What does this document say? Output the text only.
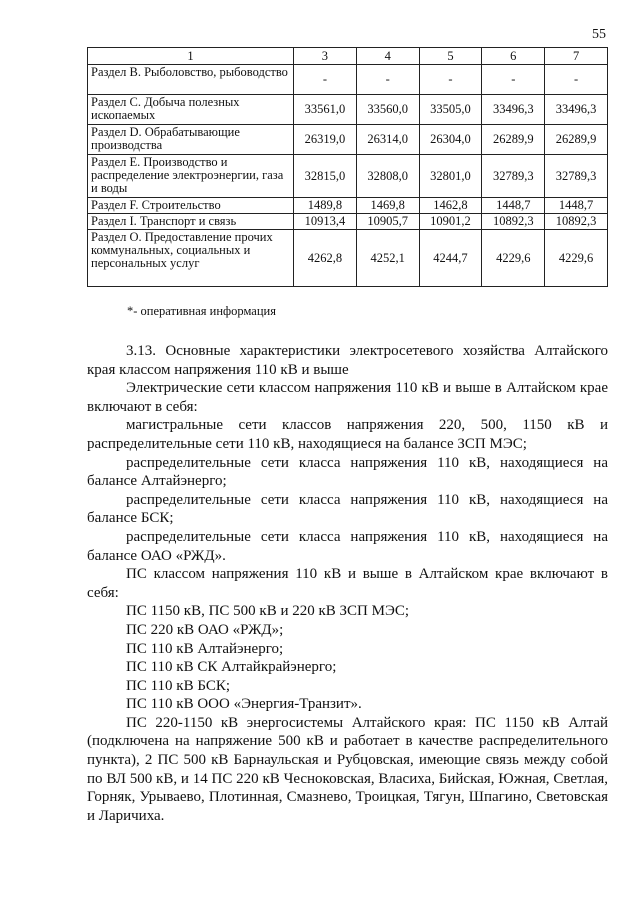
55
1	3	4	5	6	7
Раздел В. Рыболовство, рыбоводство	-	-	-	-	-
Раздел С. Добыча полезных ископаемых	33561,0	33560,0	33505,0	33496,3	33496,3
Раздел D. Обрабатывающие производства	26319,0	26314,0	26304,0	26289,9	26289,9
Раздел Е. Производство и распределение электроэнергии, газа и воды	32815,0	32808,0	32801,0	32789,3	32789,3
Раздел F. Строительство	1489,8	1469,8	1462,8	1448,7	1448,7
Раздел I. Транспорт и связь	10913,4	10905,7	10901,2	10892,3	10892,3
Раздел О. Предоставление прочих коммунальных, социальных и персональных услуг	4262,8	4252,1	4244,7	4229,6	4229,6
*- оперативная информация

3.13. Основные характеристики электросетевого хозяйства Алтайского края классом напряжения 110 кВ и выше

Электрические сети классом напряжения 110 кВ и выше в Алтайском крае включают в себя:

магистральные сети классов напряжения 220, 500, 1150 кВ и распределительные сети 110 кВ, находящиеся на балансе ЗСП МЭС;

распределительные сети класса напряжения 110 кВ, находящиеся на балансе Алтайэнерго;

распределительные сети класса напряжения 110 кВ, находящиеся на балансе БСК;

распределительные сети класса напряжения 110 кВ, находящиеся на балансе ОАО «РЖД».

ПС классом напряжения 110 кВ и выше в Алтайском крае включают в себя:

ПС 1150 кВ, ПС 500 кВ и 220 кВ ЗСП МЭС;

ПС 220 кВ ОАО «РЖД»;

ПС 110 кВ Алтайэнерго;

ПС 110 кВ СК Алтайкрайэнерго;

ПС 110 кВ БСК;

ПС 110 кВ ООО «Энергия-Транзит».

ПС 220-1150 кВ энергосистемы Алтайского края: ПС 1150 кВ Алтай (подключена на напряжение 500 кВ и работает в качестве распределительного пункта), 2 ПС 500 кВ Барнаульская и Рубцовская, имеющие связь между собой по ВЛ 500 кВ, и 14 ПС 220 кВ Чесноковская, Власиха, Бийская, Южная, Светлая, Горняк, Урываево, Плотинная, Смазнево, Троицкая, Тягун, Шпагино, Световская и Ларичиха.
